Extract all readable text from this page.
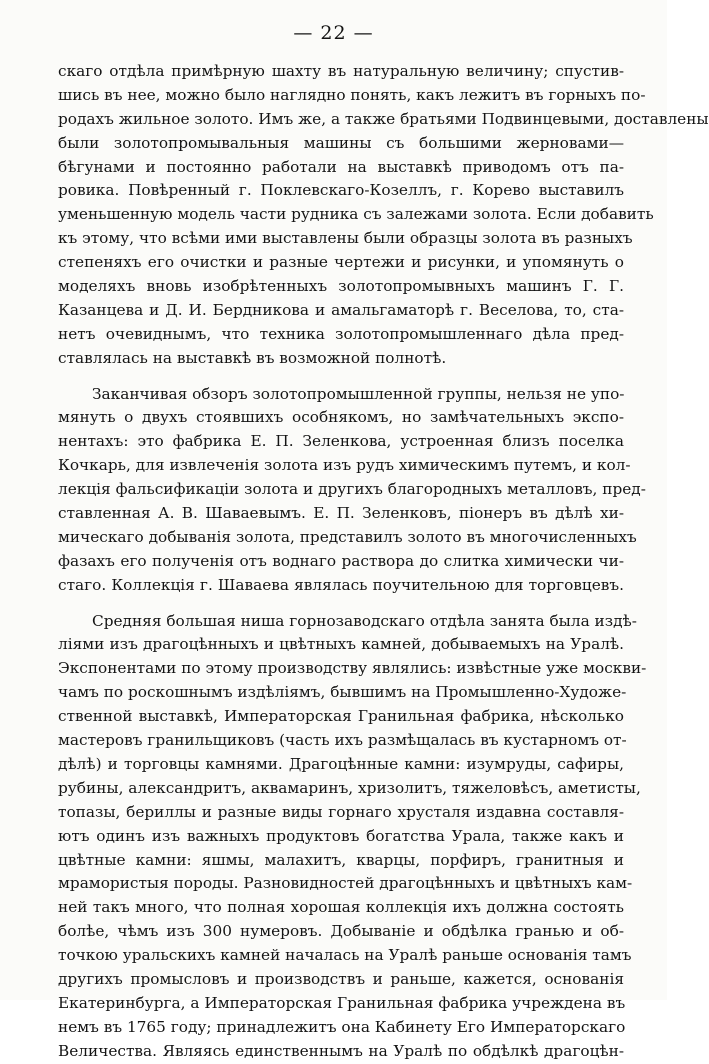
— 22 —
скаго отдѣла примѣрную шахту въ натуральную величину; спустив-
шись въ нее, можно было наглядно понять, какъ лежитъ въ горныхъ по-
родахъ жильное золото. Имъ же, а также братьями Подвинцевыми, доставлены
были золотопромывальныя машины съ большими жерновами—
бѣгунами и постоянно работали на выставкѣ приводомъ отъ па-
ровика. Повѣренный г. Поклевскаго-Козеллъ, г. Корево выставилъ
уменьшенную модель части рудника съ залежами золота. Если добавить
къ этому, что всѣми ими выставлены были образцы золота въ разныхъ
степеняхъ его очистки и разные чертежи и рисунки, и упомянуть о
моделяхъ вновь изобрѣтенныхъ золотопромывныхъ машинъ Г. Г.
Казанцева и Д. И. Бердникова и амальгаматорѣ г. Веселова, то, ста-
нетъ очевиднымъ, что техника золотопромышленнаго дѣла пред-
ставлялась на выставкѣ въ возможной полнотѣ.
Заканчивая обзоръ золотопромышленной группы, нельзя не упо-
мянуть о двухъ стоявшихъ особнякомъ, но замѣчательныхъ экспо-
нентахъ: это фабрика Е. П. Зеленкова, устроенная близъ поселка
Кочкарь, для извлеченія золота изъ рудъ химическимъ путемъ, и кол-
лекція фальсификаціи золота и другихъ благородныхъ металловъ, пред-
ставленная А. В. Шаваевымъ. Е. П. Зеленковъ, піонеръ въ дѣлѣ хи-
мическаго добыванія золота, представилъ золото въ многочисленныхъ
фазахъ его полученія отъ воднаго раствора до слитка химически чи-
стаго. Коллекція г. Шаваева являлась поучительною для торговцевъ.
Средняя большая ниша горнозаводскаго отдѣла занята была издѣ-
ліями изъ драгоцѣнныхъ и цвѣтныхъ камней, добываемыхъ на Уралѣ.
Экспонентами по этому производству являлись: извѣстные уже москви-
чамъ по роскошнымъ издѣліямъ, бывшимъ на Промышленно-Художе-
ственной выставкѣ, Императорская Гранильная фабрика, нѣсколько
мастеровъ гранильщиковъ (часть ихъ размѣщалась въ кустарномъ от-
дѣлѣ) и торговцы камнями. Драгоцѣнные камни: изумруды, сафиры,
рубины, александритъ, аквамаринъ, хризолитъ, тяжеловѣсъ, аметисты,
топазы, бериллы и разные виды горнаго хрусталя издавна составля-
ютъ одинъ изъ важныхъ продуктовъ богатства Урала, также какъ и
цвѣтные камни: яшмы, малахитъ, кварцы, порфиръ, гранитныя и
мрамористыя породы. Разновидностей драгоцѣнныхъ и цвѣтныхъ кам-
ней такъ много, что полная хорошая коллекція ихъ должна состоять
болѣе, чѣмъ изъ 300 нумеровъ. Добываніе и обдѣлка гранью и об-
точкою уральскихъ камней началась на Уралѣ раньше основанія тамъ
другихъ промысловъ и производствъ и раньше, кажется, основанія
Екатеринбурга, а Императорская Гранильная фабрика учреждена въ
немъ въ 1765 году; принадлежитъ она Кабинету Его Императорскаго
Величества. Являясь единственнымъ на Уралѣ по обдѣлкѣ драгоцѣн-
